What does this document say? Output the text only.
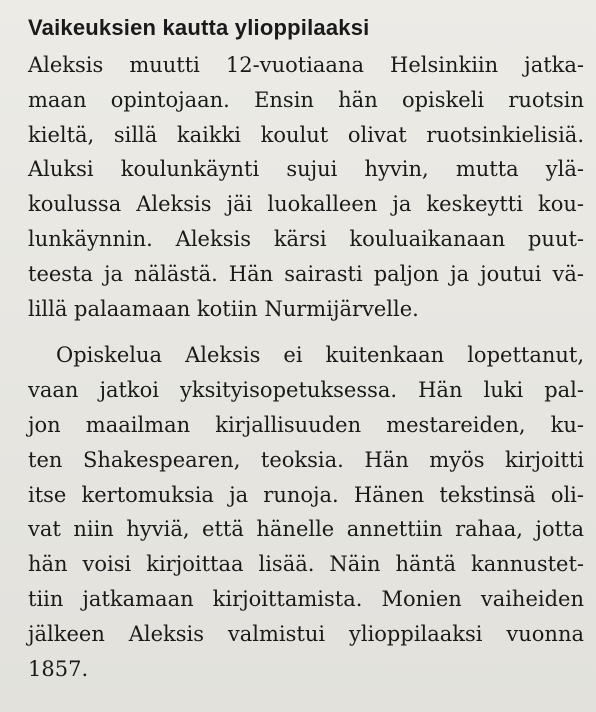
Vaikeuksien kautta ylioppilaaksi

Aleksis muutti 12-vuotiaana Helsinkiin jatka-
maan opintojaan. Ensin hän opiskeli ruotsin
kieltä, sillä kaikki koulut olivat ruotsinkielisiä.
Aluksi koulunkäynti sujui hyvin, mutta ylä-
koulussa Aleksis jäi luokalleen ja keskeytti kou-
lunkäynnin. Aleksis kärsi kouluaikanaan puut-
teesta ja nälästä. Hän sairasti paljon ja joutui vä-
lillä palaamaan kotiin Nurmijärvelle.

Opiskelua Aleksis ei kuitenkaan lopettanut,
vaan jatkoi yksityisopetuksessa. Hän luki pal-
jon maailman kirjallisuuden mestareiden, ku-
ten Shakespearen, teoksia. Hän myös kirjoitti
itse kertomuksia ja runoja. Hänen tekstinsä oli-
vat niin hyviä, että hänelle annettiin rahaa, jotta
hän voisi kirjoittaa lisää. Näin häntä kannustet-
tiin jatkamaan kirjoittamista. Monien vaiheiden
jälkeen Aleksis valmistui ylioppilaaksi vuonna
1857.
